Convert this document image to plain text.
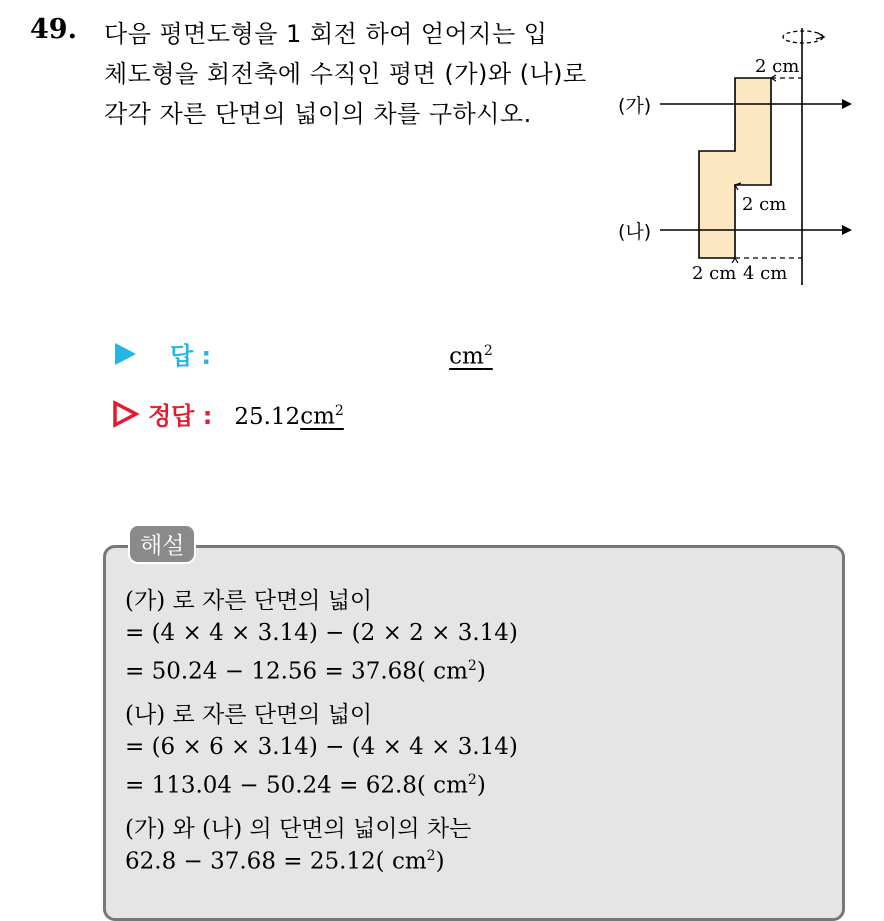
49. 다음 평면도형을 1 회전 하여 얻어지는 입
체도형을 회전축에 수직인 평면 (가)와 (나)로
각각 자른 단면의 넓이의 차를 구하시오.	(가)
(나)
2 cm
2 cm
2 cm 4 cm
답 :	$cm^2$
정답 : 25.12 $cm^2$
해설
(가) 로 자른 단면의 넓이
= (4 × 4 × 3.14) − (2 × 2 × 3.14)
= 50.24 − 12.56 = 37.68( $cm^2$)
(나) 로 자른 단면의 넓이
= (6 × 6 × 3.14) − (4 × 4 × 3.14)
= 113.04 − 50.24 = 62.8( $cm^2$)
(가) 와 (나) 의 단면의 넓이의 차는
62.8 − 37.68 = 25.12( $cm^2$)
